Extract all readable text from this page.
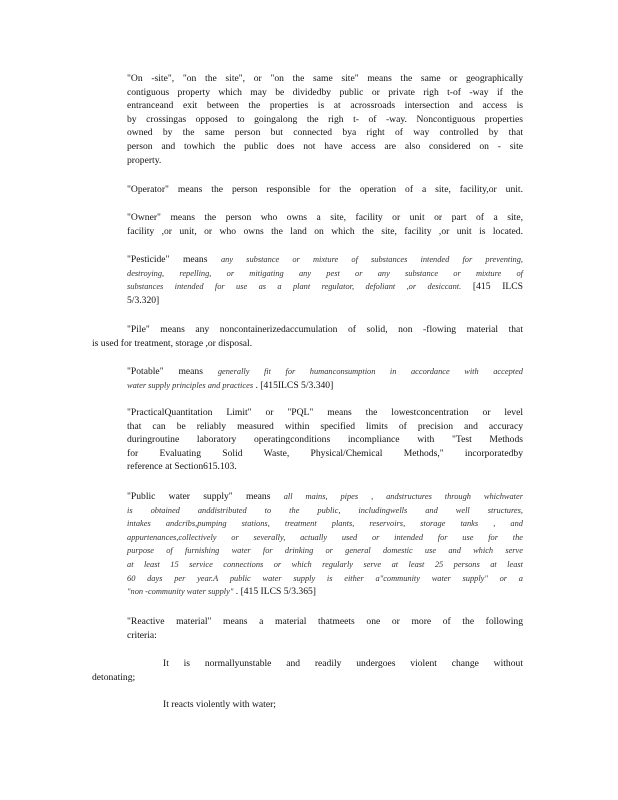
"On -site", "on the site", or "on the same site" means the same or geographically

contiguous property which may be dividedby public or private righ t-of -way if the

entranceand exit between the properties is at acrossroads intersection and access is

by crossingas opposed to goingalong the righ t- of -way. Noncontiguous properties

owned by the same person but connected bya right of way controlled by that

person and towhich the public does not have access are also considered on - site

property.

"Operator" means the person responsible for the operation of a site, facility,or unit.

"Owner" means the person who owns a site, facility or unit or part of a site,

facility ,or unit, or who owns the land on which the site, facility ,or unit is located.

"Pesticide" means any substance or mixture of substances intended for preventing,

destroying, repelling, or mitigating any pest or any substance or mixture of

substances intended for use as a plant regulator, defoliant ,or desiccant. [415 ILCS

5/3.320]

"Pile" means any noncontainerizedaccumulation of solid, non -flowing material that

is used for treatment, storage ,or disposal.

"Potable" means generally fit for humanconsumption in accordance with accepted

water supply principles and practices . [415ILCS 5/3.340]

"PracticalQuantitation Limit" or "PQL" means the lowestconcentration or level

that can be reliably measured within specified limits of precision and accuracy

duringroutine laboratory operatingconditions incompliance with "Test Methods

for Evaluating Solid Waste, Physical/Chemical Methods," incorporatedby

reference at Section615.103.

"Public water supply" means all mains, pipes , andstructures through whichwater

is obtained anddistributed to the public, includingwells and well structures,

intakes andcribs,pumping stations, treatment plants, reservoirs, storage tanks , and

appurtenances,collectively or severally, actually used or intended for use for the

purpose of furnishing water for drinking or general domestic use and which serve

at least 15 service connections or which regularly serve at least 25 persons at least

60 days per year.A public water supply is either a"community water supply" or a

"non -community water supply" . [415 ILCS 5/3.365]

"Reactive material" means a material thatmeets one or more of the following

criteria:

It is normallyunstable and readily undergoes violent change without

detonating;

It reacts violently with water;
